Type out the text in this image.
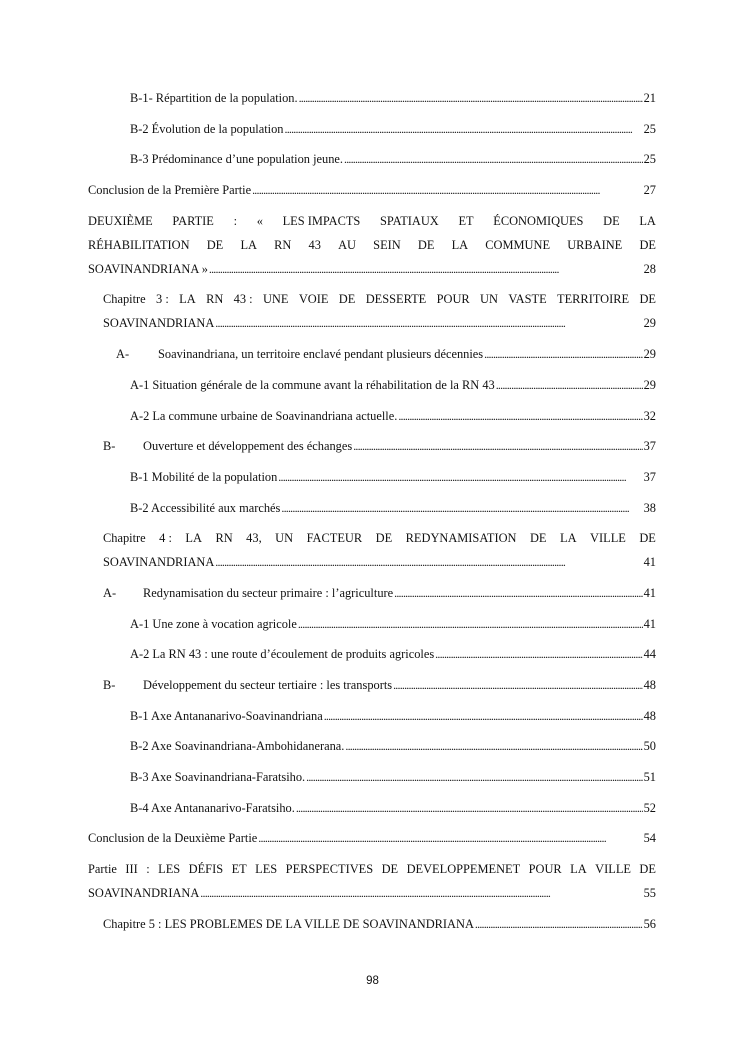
B-1- Répartition de la population. . . .	21
B-2 Évolution de la population . . .	25
B-3 Prédominance d’une population jeune. . . .	25
Conclusion de la Première Partie . . .	27
DEUXIÈME PARTIE : « LES IMPACTS SPATIAUX ET ÉCONOMIQUES DE LA
RÉHABILITATION DE LA RN 43 AU SEIN DE LA COMMUNE URBAINE DE
SOAVINANDRIANA » . . .	28
Chapitre 3 : LA RN 43 : UNE VOIE DE DESSERTE POUR UN VASTE TERRITOIRE DE
SOAVINANDRIANA . . .	29
A- Soavinandriana, un territoire enclavé pendant plusieurs décennies . . .	29
A-1 Situation générale de la commune avant la réhabilitation de la RN 43 . . .	29
A-2 La commune urbaine de Soavinandriana actuelle. . . .	32
B- Ouverture et développement des échanges . . .	37
B-1 Mobilité de la population . . .	37
B-2 Accessibilité aux marchés . . .	38
Chapitre 4 : LA RN 43, UN FACTEUR DE REDYNAMISATION DE LA VILLE DE
SOAVINANDRIANA . . .	41
A- Redynamisation du secteur primaire : l’agriculture . . .	41
A-1 Une zone à vocation agricole . . .	41
A-2 La RN 43 : une route d’écoulement de produits agricoles . . .	44
B- Développement du secteur tertiaire : les transports . . .	48
B-1 Axe Antananarivo-Soavinandriana . . .	48
B-2 Axe Soavinandriana-Ambohidanerana. . . .	50
B-3 Axe Soavinandriana-Faratsiho. . . .	51
B-4 Axe Antananarivo-Faratsiho. . . .	52
Conclusion de la Deuxième Partie . . .	54
Partie III : LES DÉFIS ET LES PERSPECTIVES DE DEVELOPPEMENET POUR LA VILLE DE
SOAVINANDRIANA . . .	55
Chapitre 5 : LES PROBLEMES DE LA VILLE DE SOAVINANDRIANA . . .	56
98
